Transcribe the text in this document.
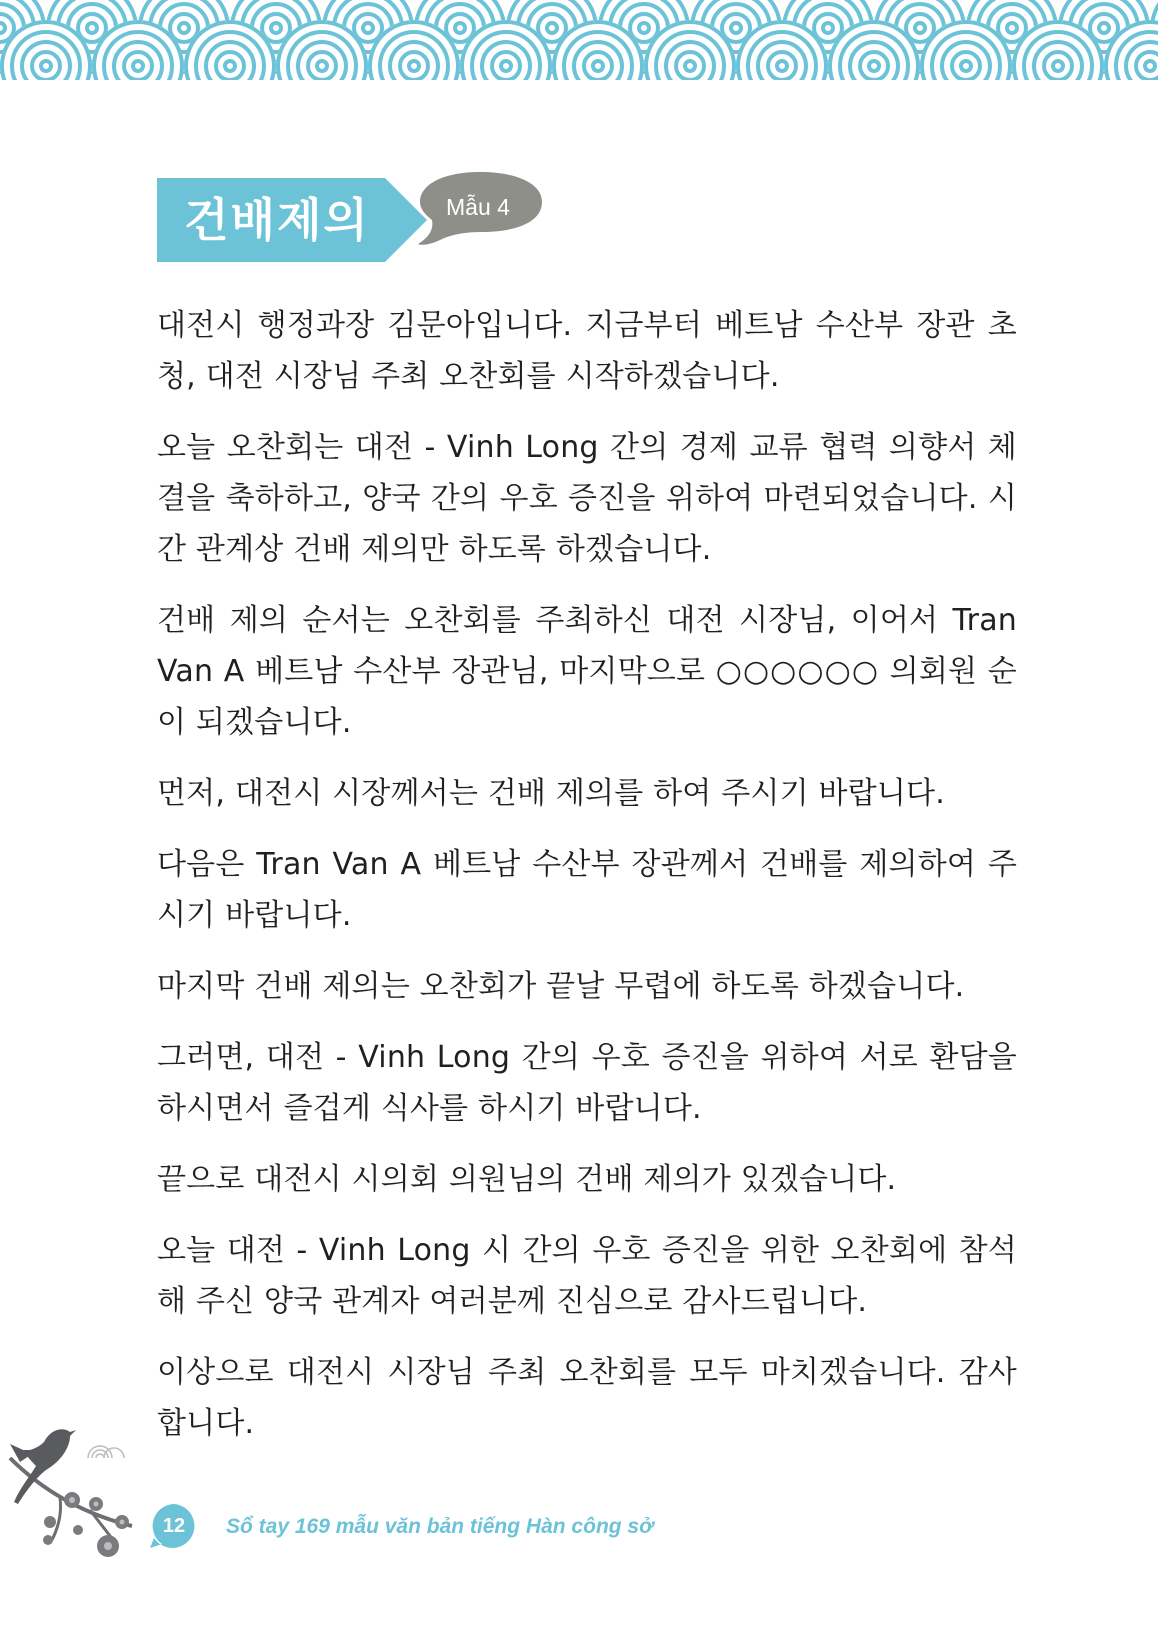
건배제의	Mẫu 4

대전시 행정과장 김문아입니다. 지금부터 베트남 수산부 장관 초청, 대전 시장님 주최 오찬회를 시작하겠습니다.

오늘 오찬회는 대전 - Vinh Long 간의 경제 교류 협력 의향서 체결을 축하하고, 양국 간의 우호 증진을 위하여 마련되었습니다. 시간 관계상 건배 제의만 하도록 하겠습니다.

건배 제의 순서는 오찬회를 주최하신 대전 시장님, 이어서 Tran Van A 베트남 수산부 장관님, 마지막으로 ○○○○○○ 의회원 순이 되겠습니다.

먼저, 대전시 시장께서는 건배 제의를 하여 주시기 바랍니다.

다음은 Tran Van A 베트남 수산부 장관께서 건배를 제의하여 주시기 바랍니다.

마지막 건배 제의는 오찬회가 끝날 무렵에 하도록 하겠습니다.

그러면, 대전 - Vinh Long 간의 우호 증진을 위하여 서로 환담을 하시면서 즐겁게 식사를 하시기 바랍니다.

끝으로 대전시 시의회 의원님의 건배 제의가 있겠습니다.

오늘 대전 - Vinh Long 시 간의 우호 증진을 위한 오찬회에 참석해 주신 양국 관계자 여러분께 진심으로 감사드립니다.

이상으로 대전시 시장님 주최 오찬회를 모두 마치겠습니다. 감사합니다.

12	Sổ tay 169 mẫu văn bản tiếng Hàn công sở
